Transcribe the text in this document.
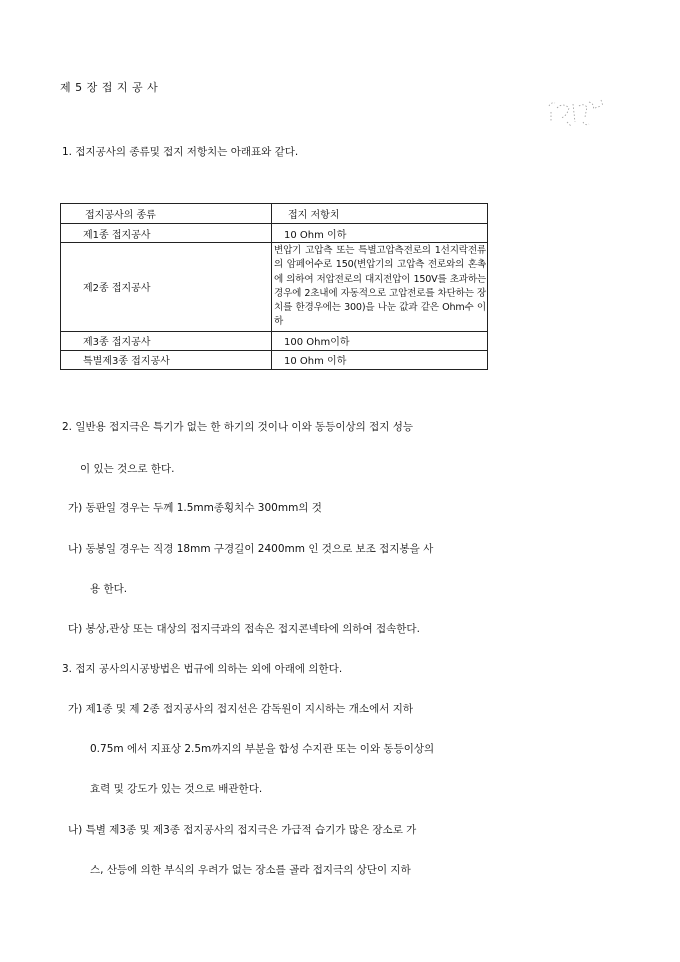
제 5 장 접 지 공 사
1. 접지공사의 종류및 접지 저항치는 아래표와 같다.
접지공사의 종류	접지 저항치
제1종 접지공사	10 Ohm 이하
제2종 접지공사	변압기 고압측 또는 특별고압측전로의 1선지락전류의 암페어수로 150(변압기의 고압측 전로와의 혼촉에 의하여 저압전로의 대지전압이 150V를 초과하는 경우에 2초내에 자동적으로 고압전로를 차단하는 장치를 한경우에는 300)을 나눈 값과 같은 Ohm수 이하
제3종 접지공사	100 Ohm이하
특별제3종 접지공사	10 Ohm 이하
2. 일반용 접지극은 특기가 없는 한 하기의 것이나 이와 동등이상의 접지 성능
이 있는 것으로 한다.
가) 동판일 경우는 두께 1.5mm종횡치수 300mm의 것
나) 동봉일 경우는 직경 18mm 구경길이 2400mm 인 것으로 보조 접지봉을 사
용 한다.
다) 봉상,관상 또는 대상의 접지극과의 접속은 접지콘넥타에 의하여 접속한다.
3. 접지 공사의시공방법은 법규에 의하는 외에 아래에 의한다.
가) 제1종 및 제 2종 접지공사의 접지선은 감독원이 지시하는 개소에서 지하
0.75m 에서 지표상 2.5m까지의 부분을 합성 수지관 또는 이와 동등이상의
효력 및 강도가 있는 것으로 배관한다.
나) 특별 제3종 및 제3종 접지공사의 접지극은 가급적 습기가 많은 장소로 가
스, 산등에 의한 부식의 우려가 없는 장소를 골라 접지극의 상단이 지하
